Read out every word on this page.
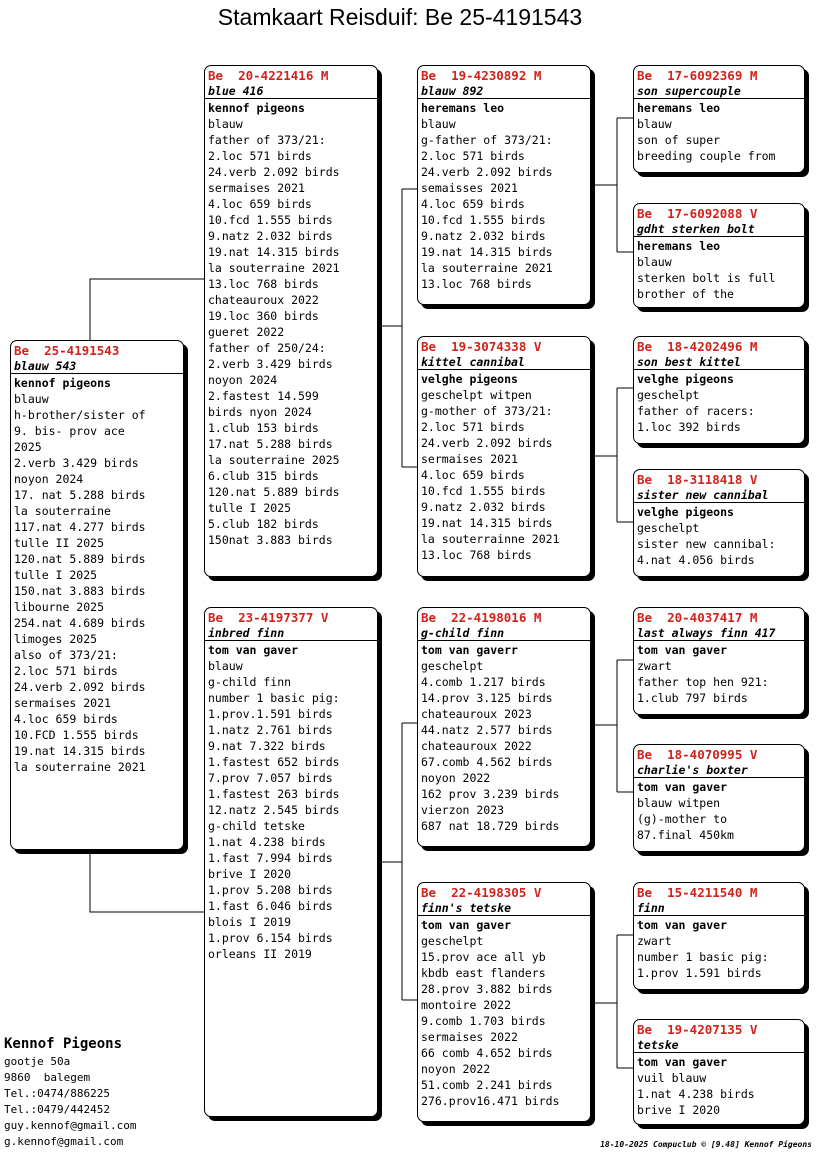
Stamkaart Reisduif: Be 25-4191543
Be  25-4191543
blauw 543
kennof pigeons
blauw
h-brother/sister of
9. bis- prov ace
2025
2.verb 3.429 birds
noyon 2024
17. nat 5.288 birds
la souterraine
117.nat 4.277 birds
tulle II 2025
120.nat 5.889 birds
tulle I 2025
150.nat 3.883 birds
libourne 2025
254.nat 4.689 birds
limoges 2025
also of 373/21:
2.loc 571 birds
24.verb 2.092 birds
sermaises 2021
4.loc 659 birds
10.FCD 1.555 birds
19.nat 14.315 birds
la souterraine 2021
Be  20-4221416 M
blue 416
kennof pigeons
blauw
father of 373/21:
2.loc 571 birds
24.verb 2.092 birds
sermaises 2021
4.loc 659 birds
10.fcd 1.555 birds
9.natz 2.032 birds
19.nat 14.315 birds
la souterraine 2021
13.loc 768 birds
chateauroux 2022
19.loc 360 birds
gueret 2022
father of 250/24:
2.verb 3.429 birds
noyon 2024
2.fastest 14.599
birds nyon 2024
1.club 153 birds
17.nat 5.288 birds
la souterraine 2025
6.club 315 birds
120.nat 5.889 birds
tulle I 2025
5.club 182 birds
150nat 3.883 birds
Be  23-4197377 V
inbred finn
tom van gaver
blauw
g-child finn
number 1 basic pig:
1.prov.1.591 birds
1.natz 2.761 birds
9.nat 7.322 birds
1.fastest 652 birds
7.prov 7.057 birds
1.fastest 263 birds
12.natz 2.545 birds
g-child tetske
1.nat 4.238 birds
1.fast 7.994 birds
brive I 2020
1.prov 5.208 birds
1.fast 6.046 birds
blois I 2019
1.prov 6.154 birds
orleans II 2019
Be  19-4230892 M
blauw 892
heremans leo
blauw
g-father of 373/21:
2.loc 571 birds
24.verb 2.092 birds
semaisses 2021
4.loc 659 birds
10.fcd 1.555 birds
9.natz 2.032 birds
19.nat 14.315 birds
la souterraine 2021
13.loc 768 birds
Be  19-3074338 V
kittel cannibal
velghe pigeons
geschelpt witpen
g-mother of 373/21:
2.loc 571 birds
24.verb 2.092 birds
sermaises 2021
4.loc 659 birds
10.fcd 1.555 birds
9.natz 2.032 birds
19.nat 14.315 birds
la souterrainne 2021
13.loc 768 birds
Be  22-4198016 M
g-child finn
tom van gaverr
geschelpt
4.comb 1.217 birds
14.prov 3.125 birds
chateauroux 2023
44.natz 2.577 birds
chateauroux 2022
67.comb 4.562 birds
noyon 2022
162 prov 3.239 birds
vierzon 2023
687 nat 18.729 birds
Be  22-4198305 V
finn's tetske
tom van gaver
geschelpt
15.prov ace all yb
kbdb east flanders
28.prov 3.882 birds
montoire 2022
9.comb 1.703 birds
sermaises 2022
66 comb 4.652 birds
noyon 2022
51.comb 2.241 birds
276.prov16.471 birds
Be  17-6092369 M
son supercouple
heremans leo
blauw
son of super
breeding couple from
Be  17-6092088 V
gdht sterken bolt
heremans leo
blauw
sterken bolt is full
brother of the
Be  18-4202496 M
son best kittel
velghe pigeons
geschelpt
father of racers:
1.loc 392 birds
Be  18-3118418 V
sister new cannibal
velghe pigeons
geschelpt
sister new cannibal:
4.nat 4.056 birds
Be  20-4037417 M
last always finn 417
tom van gaver
zwart
father top hen 921:
1.club 797 birds
Be  18-4070995 V
charlie's boxter
tom van gaver
blauw witpen
(g)-mother to
87.final 450km
Be  15-4211540 M
finn
tom van gaver
zwart
number 1 basic pig:
1.prov 1.591 birds
Be  19-4207135 V
tetske
tom van gaver
vuil blauw
1.nat 4.238 birds
brive I 2020
Kennof Pigeons
gootje 50a
9860  balegem
Tel.:0474/886225
Tel.:0479/442452
guy.kennof@gmail.com
g.kennof@gmail.com	18-10-2025 Compuclub © [9.48] Kennof Pigeons
